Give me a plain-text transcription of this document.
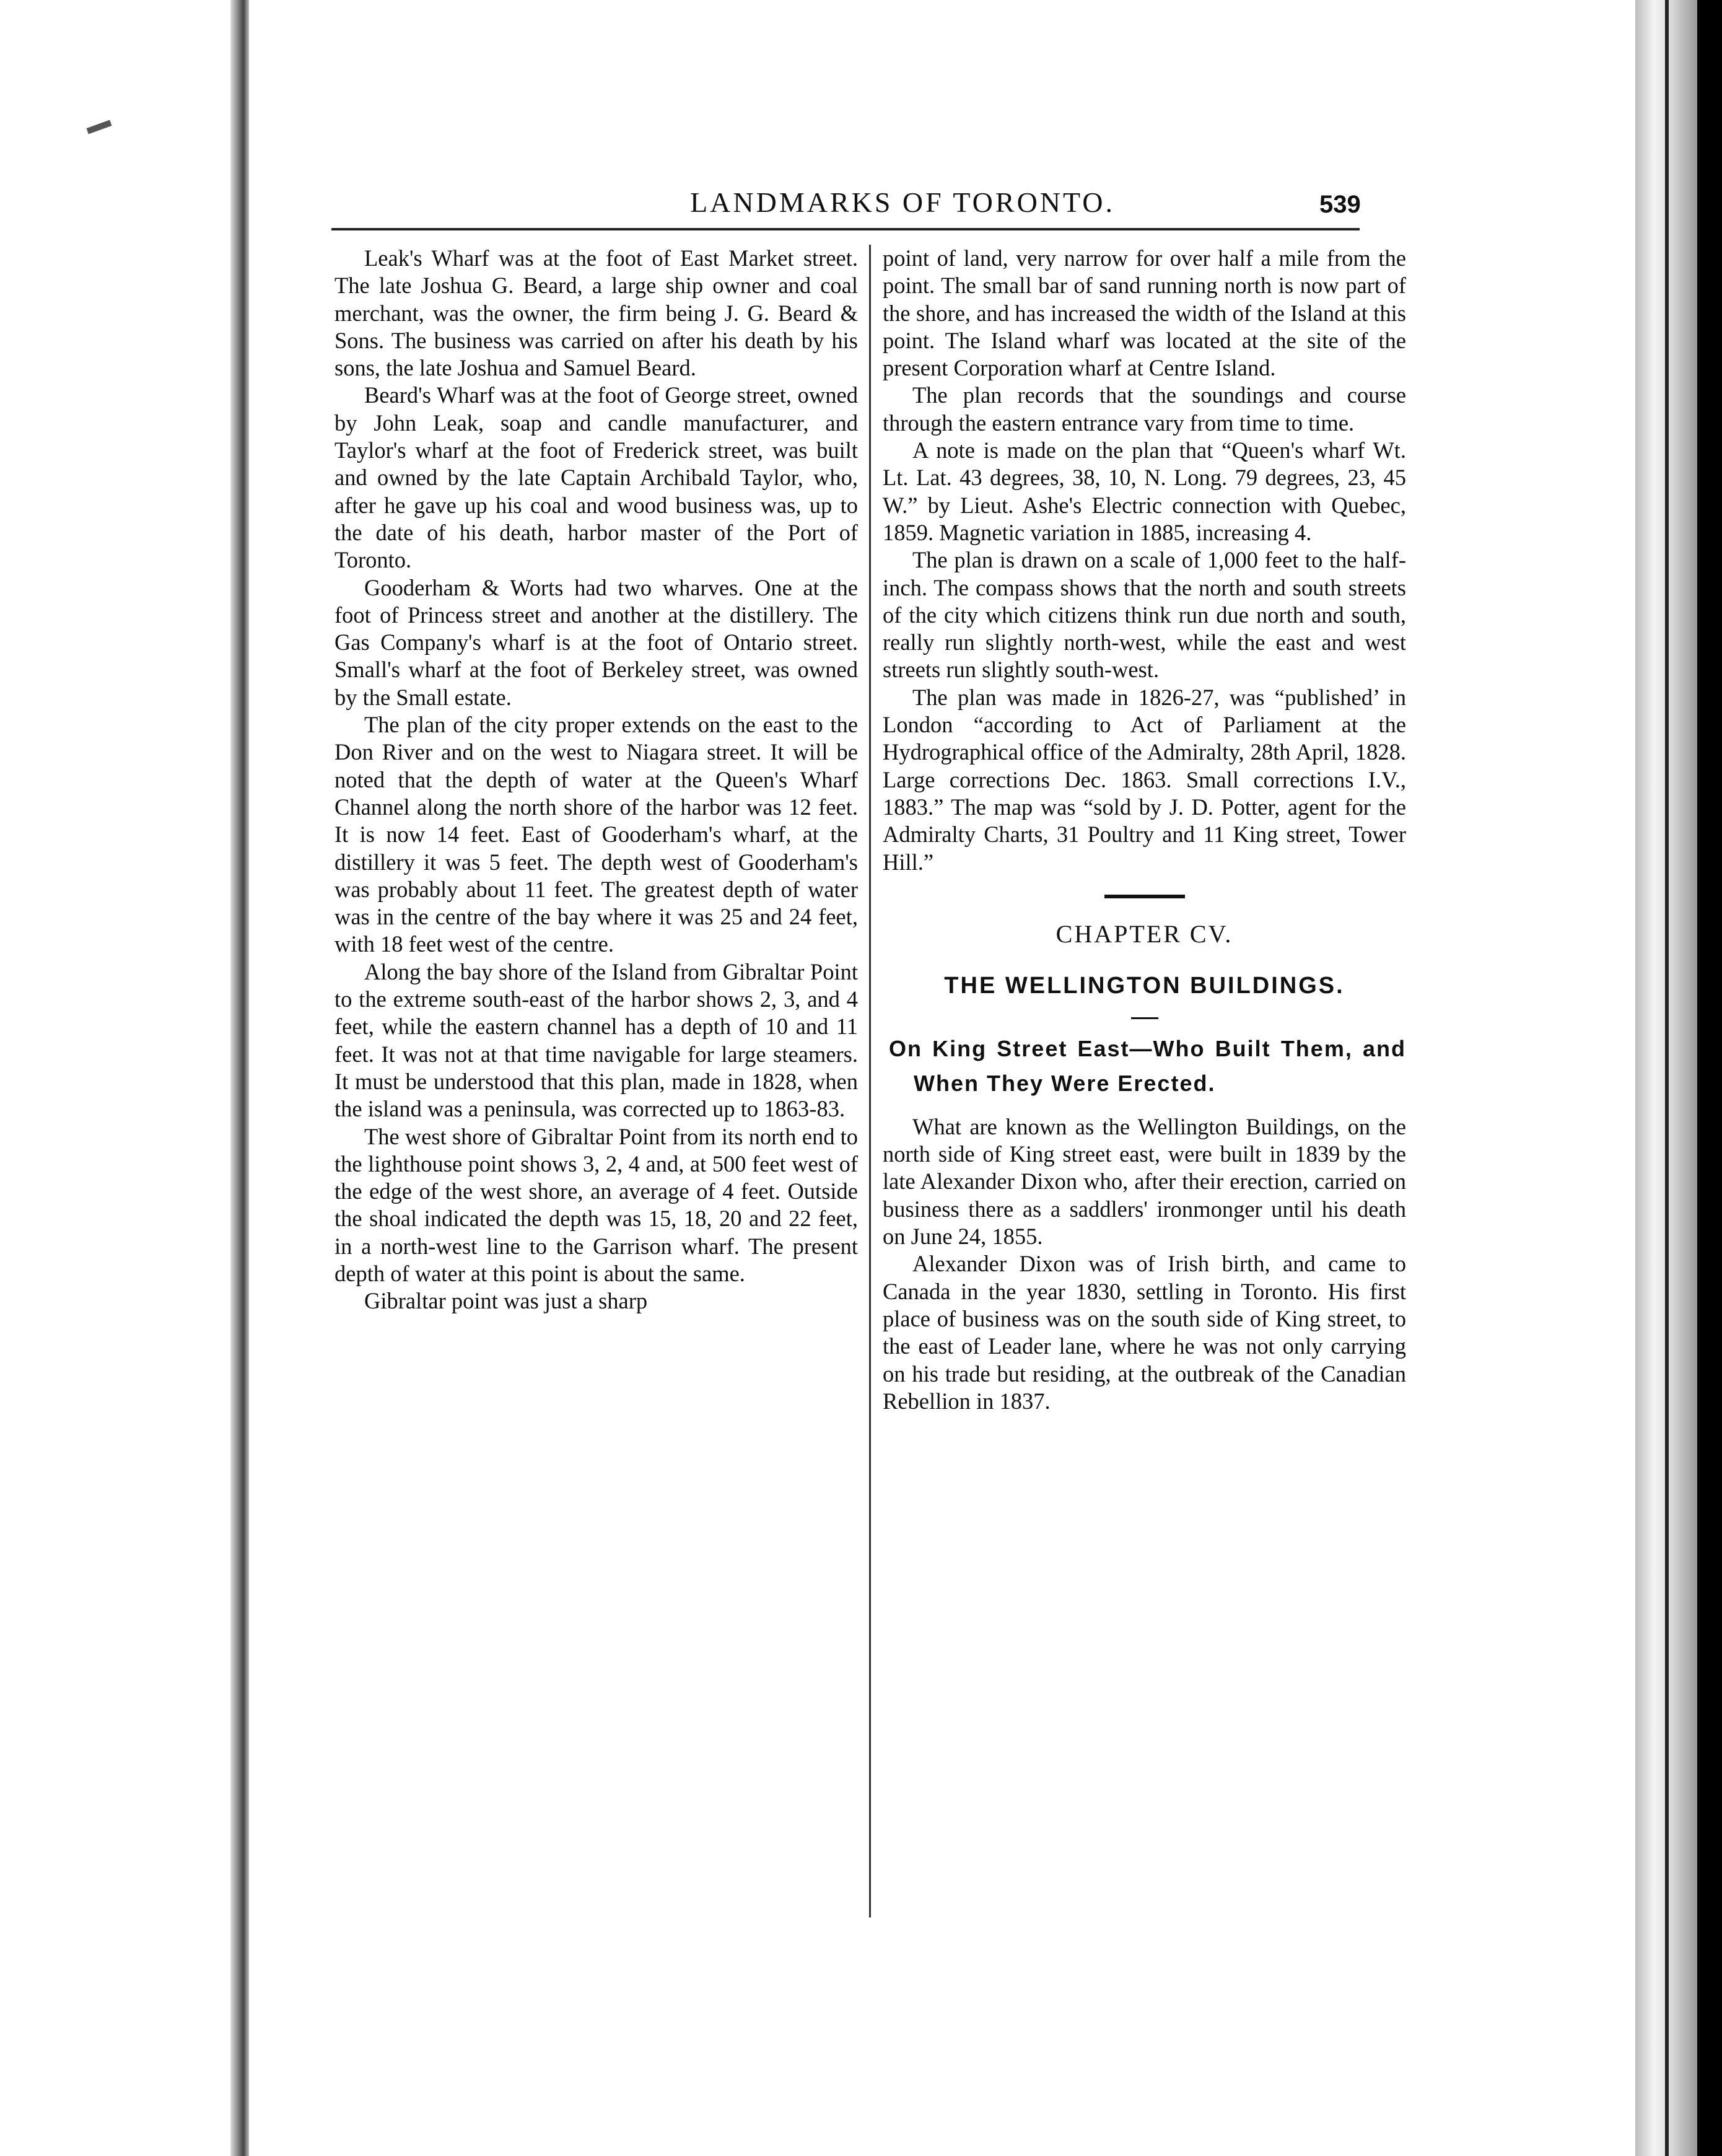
LANDMARKS OF TORONTO.	539

Leak's Wharf was at the foot of East Market street. The late Joshua G. Beard, a large ship owner and coal merchant, was the owner, the firm being J. G. Beard & Sons. The business was carried on after his death by his sons, the late Joshua and Samuel Beard.

Beard's Wharf was at the foot of George street, owned by John Leak, soap and candle manufacturer, and Taylor's wharf at the foot of Frederick street, was built and owned by the late Captain Archibald Taylor, who, after he gave up his coal and wood business was, up to the date of his death, harbor master of the Port of Toronto.

Gooderham & Worts had two wharves. One at the foot of Princess street and another at the distillery. The Gas Company's wharf is at the foot of Ontario street. Small's wharf at the foot of Berkeley street, was owned by the Small estate.

The plan of the city proper extends on the east to the Don River and on the west to Niagara street. It will be noted that the depth of water at the Queen's Wharf Channel along the north shore of the harbor was 12 feet. It is now 14 feet. East of Gooderham's wharf, at the distillery it was 5 feet. The depth west of Gooderham's was probably about 11 feet. The greatest depth of water was in the centre of the bay where it was 25 and 24 feet, with 18 feet west of the centre.

Along the bay shore of the Island from Gibraltar Point to the extreme south-east of the harbor shows 2, 3, and 4 feet, while the eastern channel has a depth of 10 and 11 feet. It was not at that time navigable for large steamers. It must be understood that this plan, made in 1828, when the island was a peninsula, was corrected up to 1863-83.

The west shore of Gibraltar Point from its north end to the lighthouse point shows 3, 2, 4 and, at 500 feet west of the edge of the west shore, an average of 4 feet. Outside the shoal indicated the depth was 15, 18, 20 and 22 feet, in a north-west line to the Garrison wharf. The present depth of water at this point is about the same.

Gibraltar point was just a sharp

point of land, very narrow for over half a mile from the point. The small bar of sand running north is now part of the shore, and has increased the width of the Island at this point. The Island wharf was located at the site of the present Corporation wharf at Centre Island.

The plan records that the soundings and course through the eastern entrance vary from time to time.

A note is made on the plan that “Queen's wharf Wt. Lt. Lat. 43 degrees, 38, 10, N. Long. 79 degrees, 23, 45 W.” by Lieut. Ashe's Electric connection with Quebec, 1859. Magnetic variation in 1885, increasing 4.

The plan is drawn on a scale of 1,000 feet to the half-inch. The compass shows that the north and south streets of the city which citizens think run due north and south, really run slightly north-west, while the east and west streets run slightly south-west.

The plan was made in 1826-27, was “published’ in London “according to Act of Parliament at the Hydrographical office of the Admiralty, 28th April, 1828. Large corrections Dec. 1863. Small corrections I.V., 1883.” The map was “sold by J. D. Potter, agent for the Admiralty Charts, 31 Poultry and 11 King street, Tower Hill.”

CHAPTER CV.

THE WELLINGTON BUILDINGS.

On King Street East—Who Built Them, and When They Were Erected.

What are known as the Wellington Buildings, on the north side of King street east, were built in 1839 by the late Alexander Dixon who, after their erection, carried on business there as a saddlers' ironmonger until his death on June 24, 1855.

Alexander Dixon was of Irish birth, and came to Canada in the year 1830, settling in Toronto. His first place of business was on the south side of King street, to the east of Leader lane, where he was not only carrying on his trade but residing, at the outbreak of the Canadian Rebellion in 1837.
